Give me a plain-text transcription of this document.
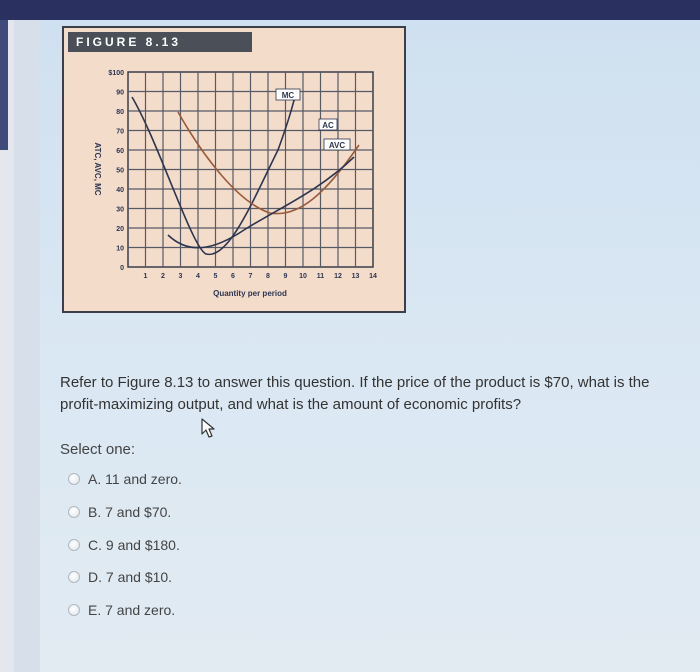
FIGURE 8.13
$100
90
80
70
60
50
40
30
20
10
0
1 2 3 4 5 6 7 8 9 10 11 12 13 14
MC
AC
AVC
ATC, AVC, MC
Quantity per period
Refer to Figure 8.13 to answer this question. If the price of the product is $70, what is the profit-maximizing output, and what is the amount of economic profits?
Select one:
A. 11 and zero.
B. 7 and $70.
C. 9 and $180.
D. 7 and $10.
E. 7 and zero.
